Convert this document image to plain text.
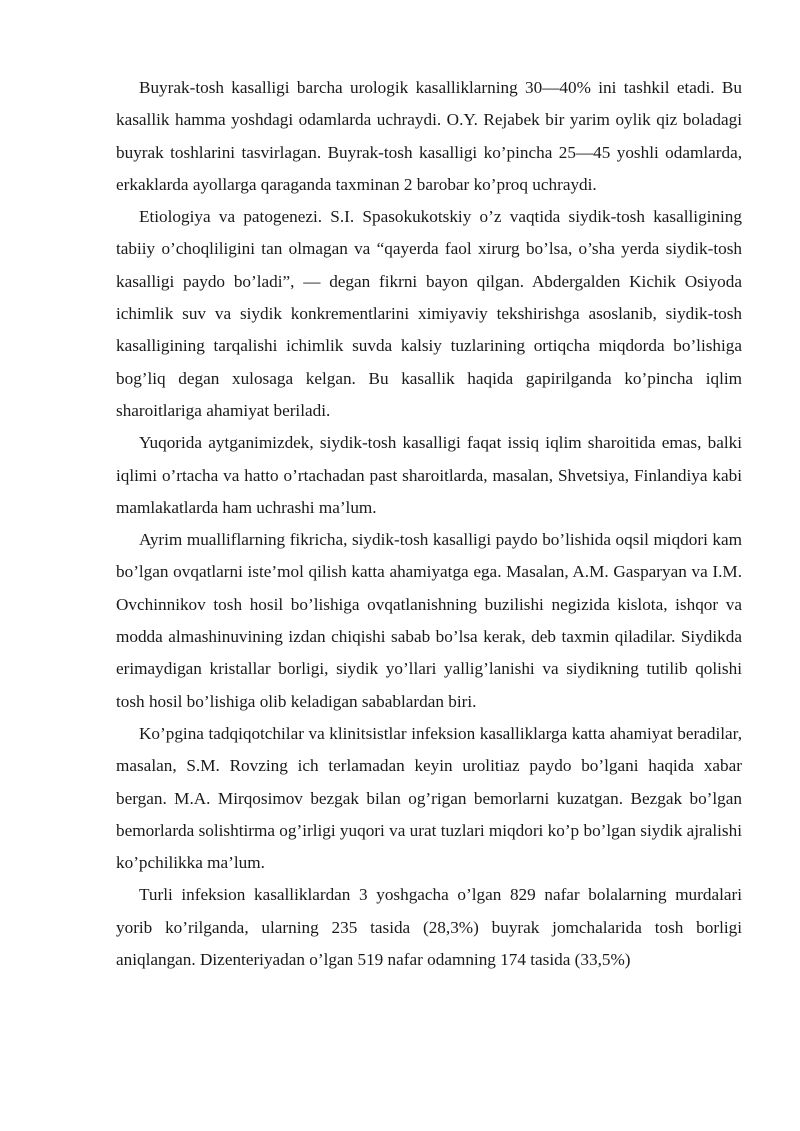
Buyrak-tosh kasalligi barcha urologik kasalliklarning 30—40% ini tashkil etadi. Bu kasallik hamma yoshdagi odamlarda uchraydi. O.Y. Rejabek bir yarim oylik qiz boladagi buyrak toshlarini tasvirlagan. Buyrak-tosh kasalligi ko’pincha 25—45 yoshli odamlarda, erkaklarda ayollarga qaraganda taxminan 2 barobar ko’proq uchraydi.

Etiologiya va patogenezi. S.I. Spasokukotskiy o’z vaqtida siydik-tosh kasalligining tabiiy o’choqliligini tan olmagan va “qayerda faol xirurg bo’lsa, o’sha yerda siydik-tosh kasalligi paydo bo’ladi”, — degan fikrni bayon qilgan. Abdergalden Kichik Osiyoda ichimlik suv va siydik konkrementlarini ximiyaviy tekshirishga asoslanib, siydik-tosh kasalligining tarqalishi ichimlik suvda kalsiy tuzlarining ortiqcha miqdorda bo’lishiga bog’liq degan xulosaga kelgan. Bu kasallik haqida gapirilganda ko’pincha iqlim sharoitlariga ahamiyat beriladi.

Yuqorida aytganimizdek, siydik-tosh kasalligi faqat issiq iqlim sharoitida emas, balki iqlimi o’rtacha va hatto o’rtachadan past sharoitlarda, masalan, Shvetsiya, Finlandiya kabi mamlakatlarda ham uchrashi ma’lum.

Ayrim mualliflarning fikricha, siydik-tosh kasalligi paydo bo’lishida oqsil miqdori kam bo’lgan ovqatlarni iste’mol qilish katta ahamiyatga ega. Masalan, A.M. Gasparyan va I.M. Ovchinnikov tosh hosil bo’lishiga ovqatlanishning buzilishi negizida kislota, ishqor va modda almashinuvining izdan chiqishi sabab bo’lsa kerak, deb taxmin qiladilar. Siydikda erimaydigan kristallar borligi, siydik yo’llari yallig’lanishi va siydikning tutilib qolishi tosh hosil bo’lishiga olib keladigan sabablardan biri.

Ko’pgina tadqiqotchilar va klinitsistlar infeksion kasalliklarga katta ahamiyat beradilar, masalan, S.M. Rovzing ich terlamadan keyin urolitiaz paydo bo’lgani haqida xabar bergan. M.A. Mirqosimov bezgak bilan og’rigan bemorlarni kuzatgan. Bezgak bo’lgan bemorlarda solishtirma og’irligi yuqori va urat tuzlari miqdori ko’p bo’lgan siydik ajralishi ko’pchilikka ma’lum.

Turli infeksion kasalliklardan 3 yoshgacha o’lgan 829 nafar bolalarning murdalari yorib ko’rilganda, ularning 235 tasida (28,3%) buyrak jomchalarida tosh borligi aniqlangan. Dizenteriyadan o’lgan 519 nafar odamning 174 tasida (33,5%)
